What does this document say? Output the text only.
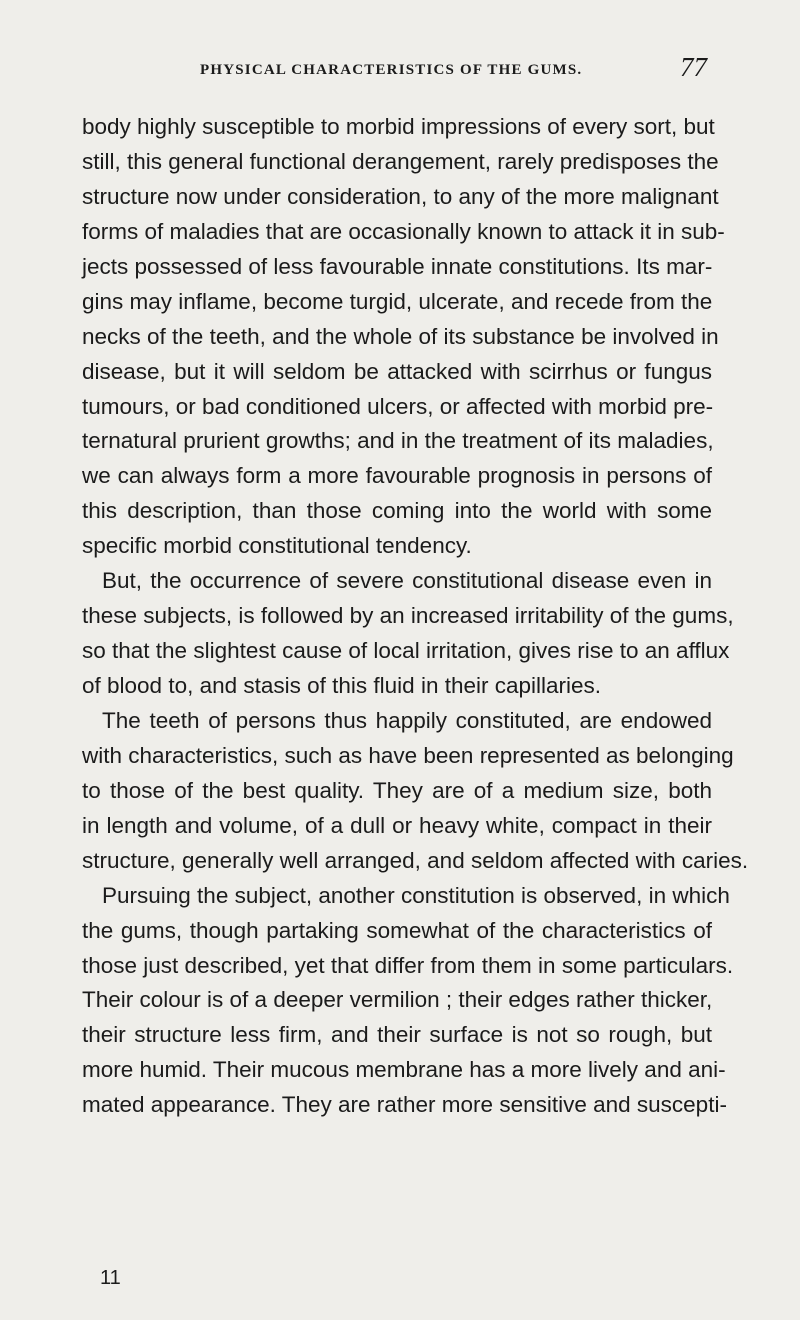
PHYSICAL CHARACTERISTICS OF THE GUMS.	77
body highly susceptible to morbid impressions of every sort, but
still, this general functional derangement, rarely predisposes the
structure now under consideration, to any of the more malignant
forms of maladies that are occasionally known to attack it in sub-
jects possessed of less favourable innate constitutions. Its mar-
gins may inflame, become turgid, ulcerate, and recede from the
necks of the teeth, and the whole of its substance be involved in
disease, but it will seldom be attacked with scirrhus or fungus
tumours, or bad conditioned ulcers, or affected with morbid pre-
ternatural prurient growths; and in the treatment of its maladies,
we can always form a more favourable prognosis in persons of
this description, than those coming into the world with some
specific morbid constitutional tendency.
But, the occurrence of severe constitutional disease even in
these subjects, is followed by an increased irritability of the gums,
so that the slightest cause of local irritation, gives rise to an afflux
of blood to, and stasis of this fluid in their capillaries.
The teeth of persons thus happily constituted, are endowed
with characteristics, such as have been represented as belonging
to those of the best quality. They are of a medium size, both
in length and volume, of a dull or heavy white, compact in their
structure, generally well arranged, and seldom affected with caries.
Pursuing the subject, another constitution is observed, in which
the gums, though partaking somewhat of the characteristics of
those just described, yet that differ from them in some particulars.
Their colour is of a deeper vermilion ; their edges rather thicker,
their structure less firm, and their surface is not so rough, but
more humid. Their mucous membrane has a more lively and ani-
mated appearance. They are rather more sensitive and suscepti-
11
